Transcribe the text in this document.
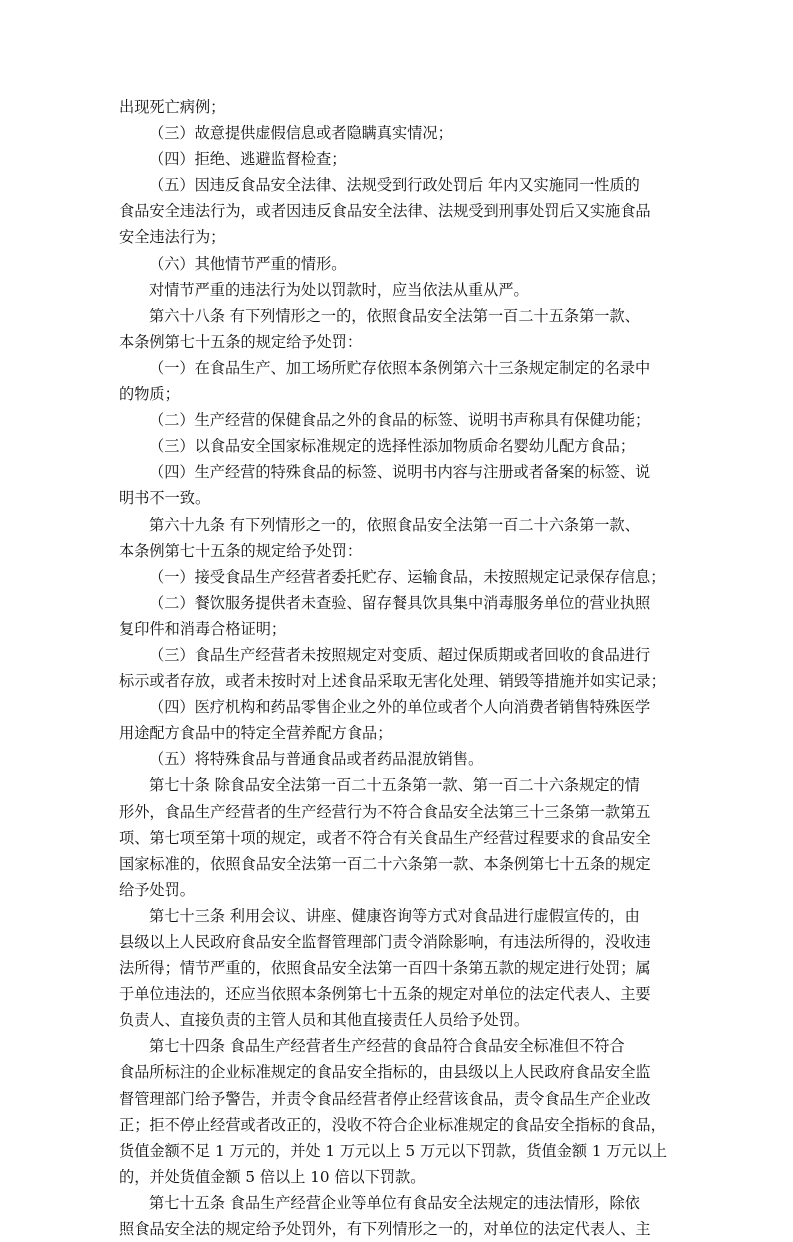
出现死亡病例；
（三）故意提供虚假信息或者隐瞒真实情况；
（四）拒绝、逃避监督检查；
（五）因违反食品安全法律、法规受到行政处罚后 年内又实施同一性质的
食品安全违法行为，或者因违反食品安全法律、法规受到刑事处罚后又实施食品
安全违法行为；
（六）其他情节严重的情形。
对情节严重的违法行为处以罚款时，应当依法从重从严。
第六十八条 有下列情形之一的，依照食品安全法第一百二十五条第一款、
本条例第七十五条的规定给予处罚：
（一）在食品生产、加工场所贮存依照本条例第六十三条规定制定的名录中
的物质；
（二）生产经营的保健食品之外的食品的标签、说明书声称具有保健功能；
（三）以食品安全国家标准规定的选择性添加物质命名婴幼儿配方食品；
（四）生产经营的特殊食品的标签、说明书内容与注册或者备案的标签、说
明书不一致。
第六十九条 有下列情形之一的，依照食品安全法第一百二十六条第一款、
本条例第七十五条的规定给予处罚：
（一）接受食品生产经营者委托贮存、运输食品，未按照规定记录保存信息；
（二）餐饮服务提供者未查验、留存餐具饮具集中消毒服务单位的营业执照
复印件和消毒合格证明；
（三）食品生产经营者未按照规定对变质、超过保质期或者回收的食品进行
标示或者存放，或者未按时对上述食品采取无害化处理、销毁等措施并如实记录；
（四）医疗机构和药品零售企业之外的单位或者个人向消费者销售特殊医学
用途配方食品中的特定全营养配方食品；
（五）将特殊食品与普通食品或者药品混放销售。
第七十条 除食品安全法第一百二十五条第一款、第一百二十六条规定的情
形外，食品生产经营者的生产经营行为不符合食品安全法第三十三条第一款第五
项、第七项至第十项的规定，或者不符合有关食品生产经营过程要求的食品安全
国家标准的，依照食品安全法第一百二十六条第一款、本条例第七十五条的规定
给予处罚。
第七十三条 利用会议、讲座、健康咨询等方式对食品进行虚假宣传的，由
县级以上人民政府食品安全监督管理部门责令消除影响，有违法所得的，没收违
法所得；情节严重的，依照食品安全法第一百四十条第五款的规定进行处罚；属
于单位违法的，还应当依照本条例第七十五条的规定对单位的法定代表人、主要
负责人、直接负责的主管人员和其他直接责任人员给予处罚。
第七十四条 食品生产经营者生产经营的食品符合食品安全标准但不符合
食品所标注的企业标准规定的食品安全指标的，由县级以上人民政府食品安全监
督管理部门给予警告，并责令食品经营者停止经营该食品，责令食品生产企业改
正；拒不停止经营或者改正的，没收不符合企业标准规定的食品安全指标的食品，
货值金额不足 1 万元的，并处 1 万元以上 5 万元以下罚款，货值金额 1 万元以上
的，并处货值金额 5 倍以上 10 倍以下罚款。
第七十五条 食品生产经营企业等单位有食品安全法规定的违法情形，除依
照食品安全法的规定给予处罚外，有下列情形之一的，对单位的法定代表人、主
